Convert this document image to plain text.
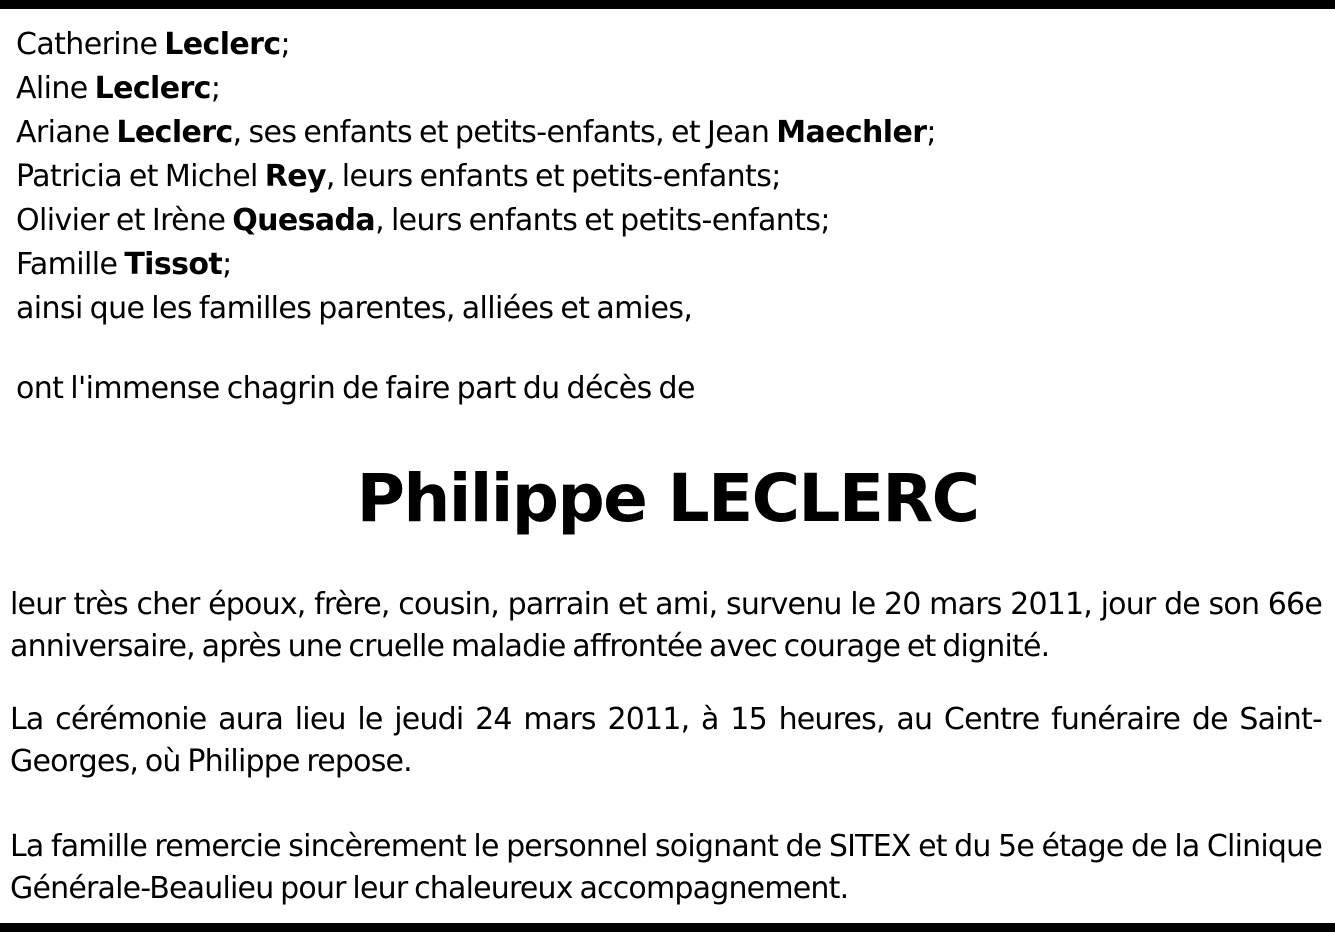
Catherine Leclerc;
Aline Leclerc;
Ariane Leclerc, ses enfants et petits-enfants, et Jean Maechler;
Patricia et Michel Rey, leurs enfants et petits-enfants;
Olivier et Irène Quesada, leurs enfants et petits-enfants;
Famille Tissot;
ainsi que les familles parentes, alliées et amies,
ont l'immense chagrin de faire part du décès de
Philippe LECLERC
leur très cher époux, frère, cousin, parrain et ami, survenu le 20 mars 2011, jour de son 66e anniversaire, après une cruelle maladie affrontée avec courage et dignité.
La cérémonie aura lieu le jeudi 24 mars 2011, à 15 heures, au Centre funéraire de Saint-Georges, où Philippe repose.
La famille remercie sincèrement le personnel soignant de SITEX et du 5e étage de la Clinique Générale-Beaulieu pour leur chaleureux accompagnement.
